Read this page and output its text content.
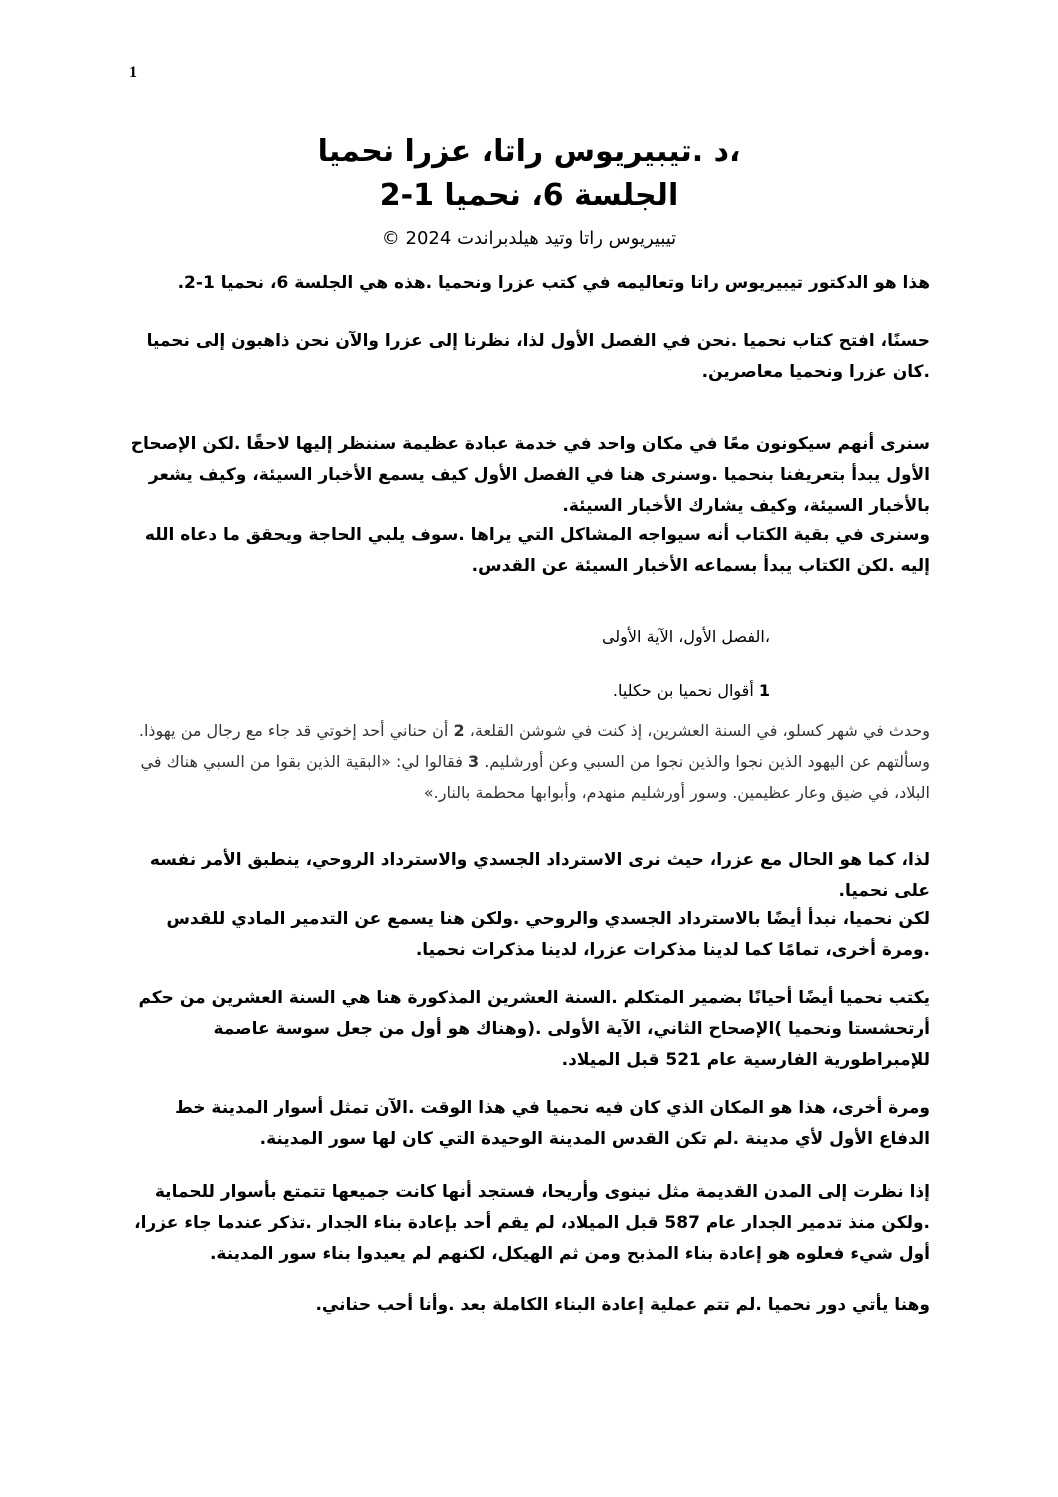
1

،د .تيبيريوس راتا، عزرا نحميا

الجلسة 6، نحميا 1-2

تيبيريوس راتا وتيد هيلدبراندت 2024 ©

هذا هو الدكتور تيبيريوس راتا وتعاليمه في كتب عزرا ونحميا .هذه هي الجلسة 6، نحميا 1-2.

حسنًا، افتح كتاب نحميا .نحن في الفصل الأول لذا، نظرنا إلى عزرا والآن نحن ذاهبون إلى نحميا .كان عزرا ونحميا معاصرين.

سنرى أنهم سيكونون معًا في مكان واحد في خدمة عبادة عظيمة سننظر إليها لاحقًا .لكن الإصحاح الأول يبدأ بتعريفنا بنحميا .وسنرى هنا في الفصل الأول كيف يسمع الأخبار السيئة، وكيف يشعر بالأخبار السيئة، وكيف يشارك الأخبار السيئة.

وسنرى في بقية الكتاب أنه سيواجه المشاكل التي يراها .سوف يلبي الحاجة ويحقق ما دعاه الله إليه .لكن الكتاب يبدأ بسماعه الأخبار السيئة عن القدس.

،الفصل الأول، الآية الأولى
1 أقوال نحميا بن حكليا.
وحدث في شهر كسلو، في السنة العشرين، إذ كنت في شوشن القلعة، 2 أن حناني أحد إخوتي قد جاء مع رجال من يهوذا. وسألتهم عن اليهود الذين نجوا والذين نجوا من السبي وعن أورشليم. 3 فقالوا لي: «البقية الذين بقوا من السبي هناك في البلاد، في ضيق وعار عظيمين. وسور أورشليم منهدم، وأبوابها محطمة بالنار.»

لذا، كما هو الحال مع عزرا، حيث نرى الاسترداد الجسدي والاسترداد الروحي، ينطبق الأمر نفسه على نحميا.

لكن نحميا، نبدأ أيضًا بالاسترداد الجسدي والروحي .ولكن هنا يسمع عن التدمير المادي للقدس .ومرة أخرى، تمامًا كما لدينا مذكرات عزرا، لدينا مذكرات نحميا.

يكتب نحميا أيضًا أحيانًا بضمير المتكلم .السنة العشرين المذكورة هنا هي السنة العشرين من حكم أرتحشستا ونحميا )الإصحاح الثاني، الآية الأولى .(وهناك هو أول من جعل سوسة عاصمة للإمبراطورية الفارسية عام 521 قبل الميلاد.

ومرة أخرى، هذا هو المكان الذي كان فيه نحميا في هذا الوقت .الآن تمثل أسوار المدينة خط الدفاع الأول لأي مدينة .لم تكن القدس المدينة الوحيدة التي كان لها سور المدينة.

إذا نظرت إلى المدن القديمة مثل نينوى وأريحا، فستجد أنها كانت جميعها تتمتع بأسوار للحماية .ولكن منذ تدمير الجدار عام 587 قبل الميلاد، لم يقم أحد بإعادة بناء الجدار .تذكر عندما جاء عزرا، أول شيء فعلوه هو إعادة بناء المذبح ومن ثم الهيكل، لكنهم لم يعيدوا بناء سور المدينة.

وهنا يأتي دور نحميا .لم تتم عملية إعادة البناء الكاملة بعد .وأنا أحب حناني.
